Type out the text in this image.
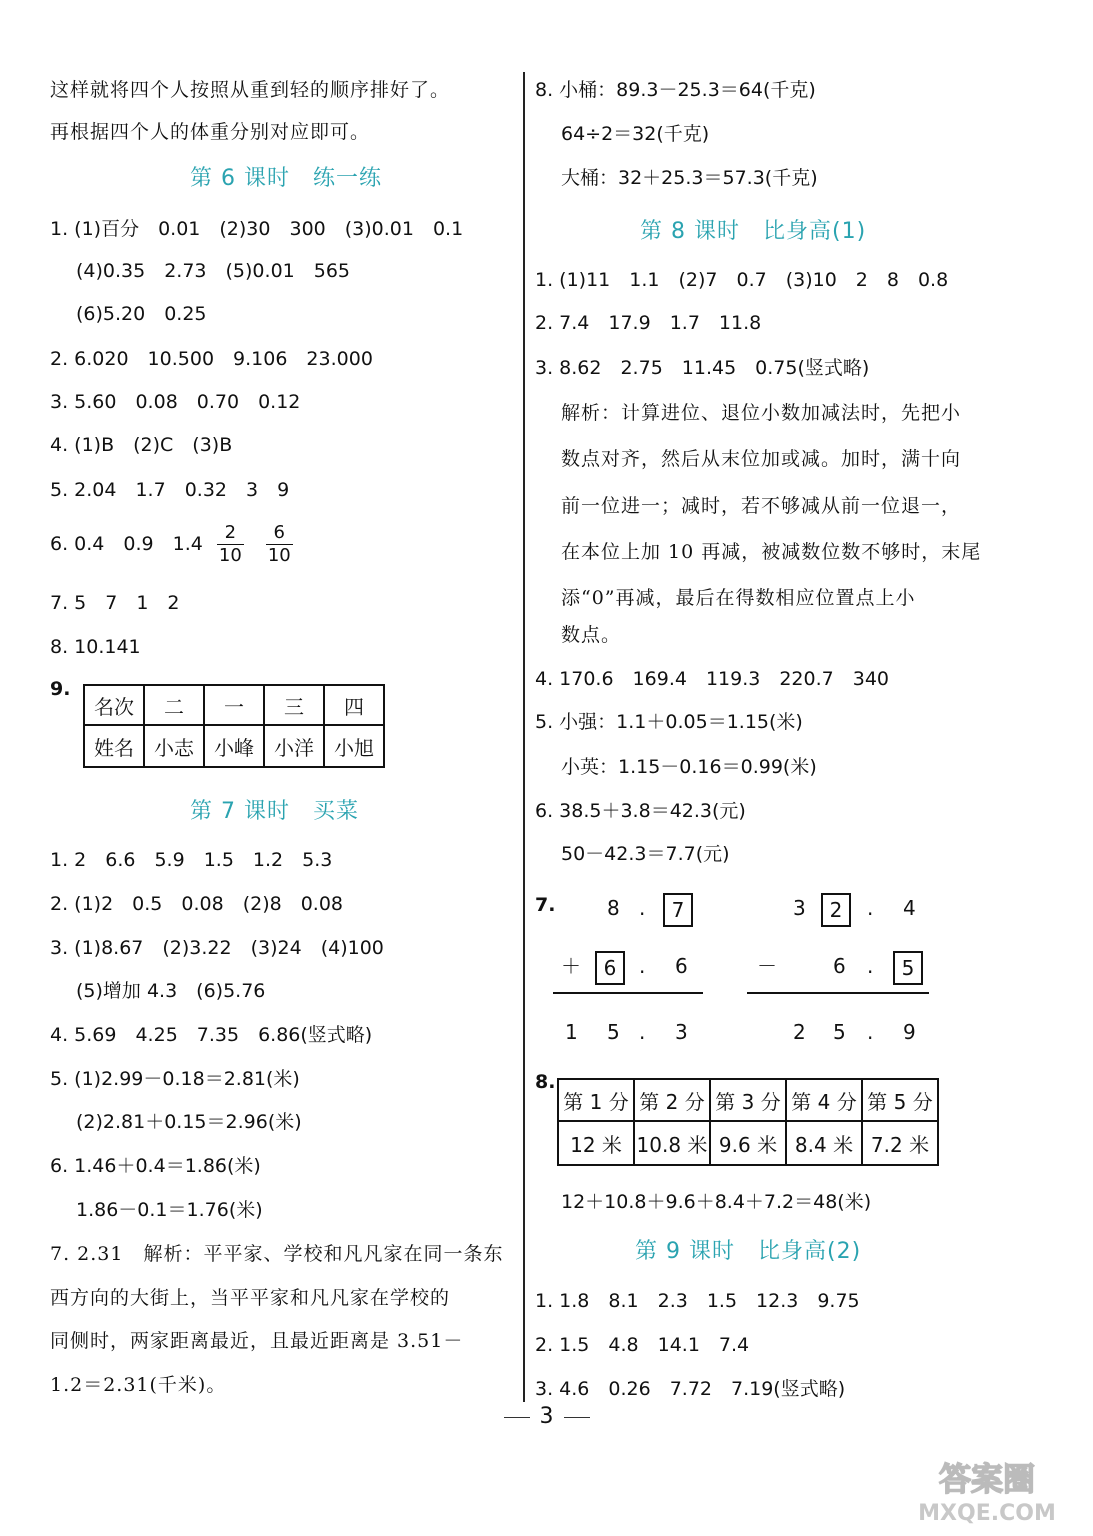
这样就将四个人按照从重到轻的顺序排好了。
再根据四个人的体重分别对应即可。
第 6 课时　练一练
1. (1)百分　0.01　(2)30　300　(3)0.01　0.1
(4)0.35　2.73　(5)0.01　565
(6)5.20　0.25
2. 6.020　10.500　9.106　23.000
3. 5.60　0.08　0.70　0.12
4. (1)B　(2)C　(3)B
5. 2.04　1.7　0.32　3　9
6. 0.4　0.9　$1.4 \frac{2}{10}$
$\frac{6}{10}$
7. 5　7　1　2
8. 10.141
9.
名次	二	一	三	四
姓名	小志	小峰	小洋	小旭
第 7 课时　买菜
1. 2　6.6　5.9　1.5　1.2　5.3
2. (1)2　0.5　0.08　(2)8　0.08
3. (1)8.67　(2)3.22　(3)24　(4)100
(5)增加 4.3　(6)5.76
4. 5.69　4.25　7.35　6.86(竖式略)
5. (1)2.99－0.18＝2.81(米)
(2)2.81＋0.15＝2.96(米)
6. 1.46＋0.4＝1.86(米)
1.86－0.1＝1.76(米)
7. 2.31　解析：平平家、学校和凡凡家在同一条东
西方向的大街上，当平平家和凡凡家在学校的
同侧时，两家距离最近，且最近距离是 3.51－
1.2＝2.31(千米)。
8. 小桶：89.3－25.3＝64(千克)
64÷2＝32(千克)
大桶：32＋25.3＝57.3(千克)
第 8 课时　比身高(1)
1. (1)11　1.1　(2)7　0.7　(3)10　2　8　0.8
2. 7.4　17.9　1.7　11.8
3. 8.62　2.75　11.45　0.75(竖式略)
解析：计算进位、退位小数加减法时，先把小
数点对齐，然后从末位加或减。加时，满十向
前一位进一；减时，若不够减从前一位退一，
在本位上加 10 再减，被减数位数不够时，末尾
添“0”再减，最后在得数相应位置点上小
数点。
4. 170.6　169.4　119.3　220.7　340
5. 小强：1.1＋0.05＝1.15(米)
小英：1.15－0.16＝0.99(米)
6. 38.5＋3.8＝42.3(元)
50－42.3＝7.7(元)
7.	8 .	7
＋	6	. 6
1 5 . 3
3	2	. 4
－	6 .	5
2 5 . 9
8.
第 1 分	第 2 分	第 3 分	第 4 分	第 5 分
12 米	10.8 米	9.6 米	8.4 米	7.2 米
12＋10.8＋9.6＋8.4＋7.2＝48(米)
第 9 课时　比身高(2)
1. 1.8　8.1　2.3　1.5　12.3　9.75
2. 1.5　4.8　14.1　7.4
3. 4.6　0.26　7.72　7.19(竖式略)
3
答案圈
MXQE.COM
